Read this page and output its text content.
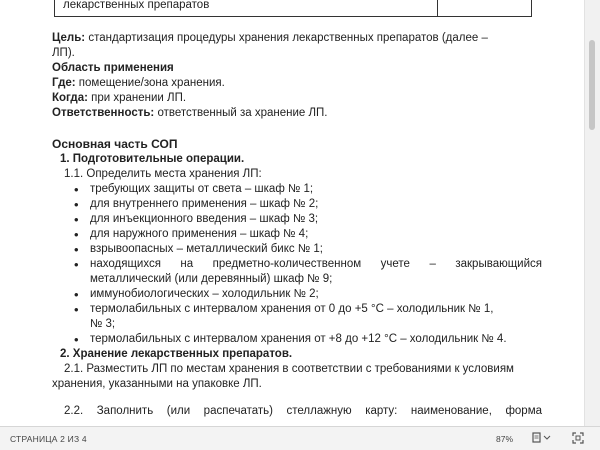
лекарственных препаратов

Цель: стандартизация процедуры хранения лекарственных препаратов (далее –

ЛП).

Область применения

Где: помещение/зона хранения.

Когда: при хранении ЛП.

Ответственность: ответственный за хранение ЛП.

Основная часть СОП

1. Подготовительные операции.

1.1. Определить места хранения ЛП:

• требующих защиты от света – шкаф № 1;
• для внутреннего применения – шкаф № 2;
• для инъекционного введения – шкаф № 3;
• для наружного применения – шкаф № 4;
• взрывоопасных – металлический бикс № 1;
• находящихся на предметно-количественном учете – закрывающийся
металлический (или деревянный) шкаф № 9;
• иммунобиологических – холодильник № 2;
• термолабильных с интервалом хранения от 0 до +5 °С – холодильник № 1,
№ 3;
• термолабильных с интервалом хранения от +8 до +12 °С – холодильник № 4.

2. Хранение лекарственных препаратов.

2.1. Разместить ЛП по местам хранения в соответствии с требованиями к условиям

хранения, указанными на упаковке ЛП.

2.2. Заполнить (или распечатать) стеллажную карту: наименование, форма

СТРАНИЦА 2 ИЗ 4	87%
